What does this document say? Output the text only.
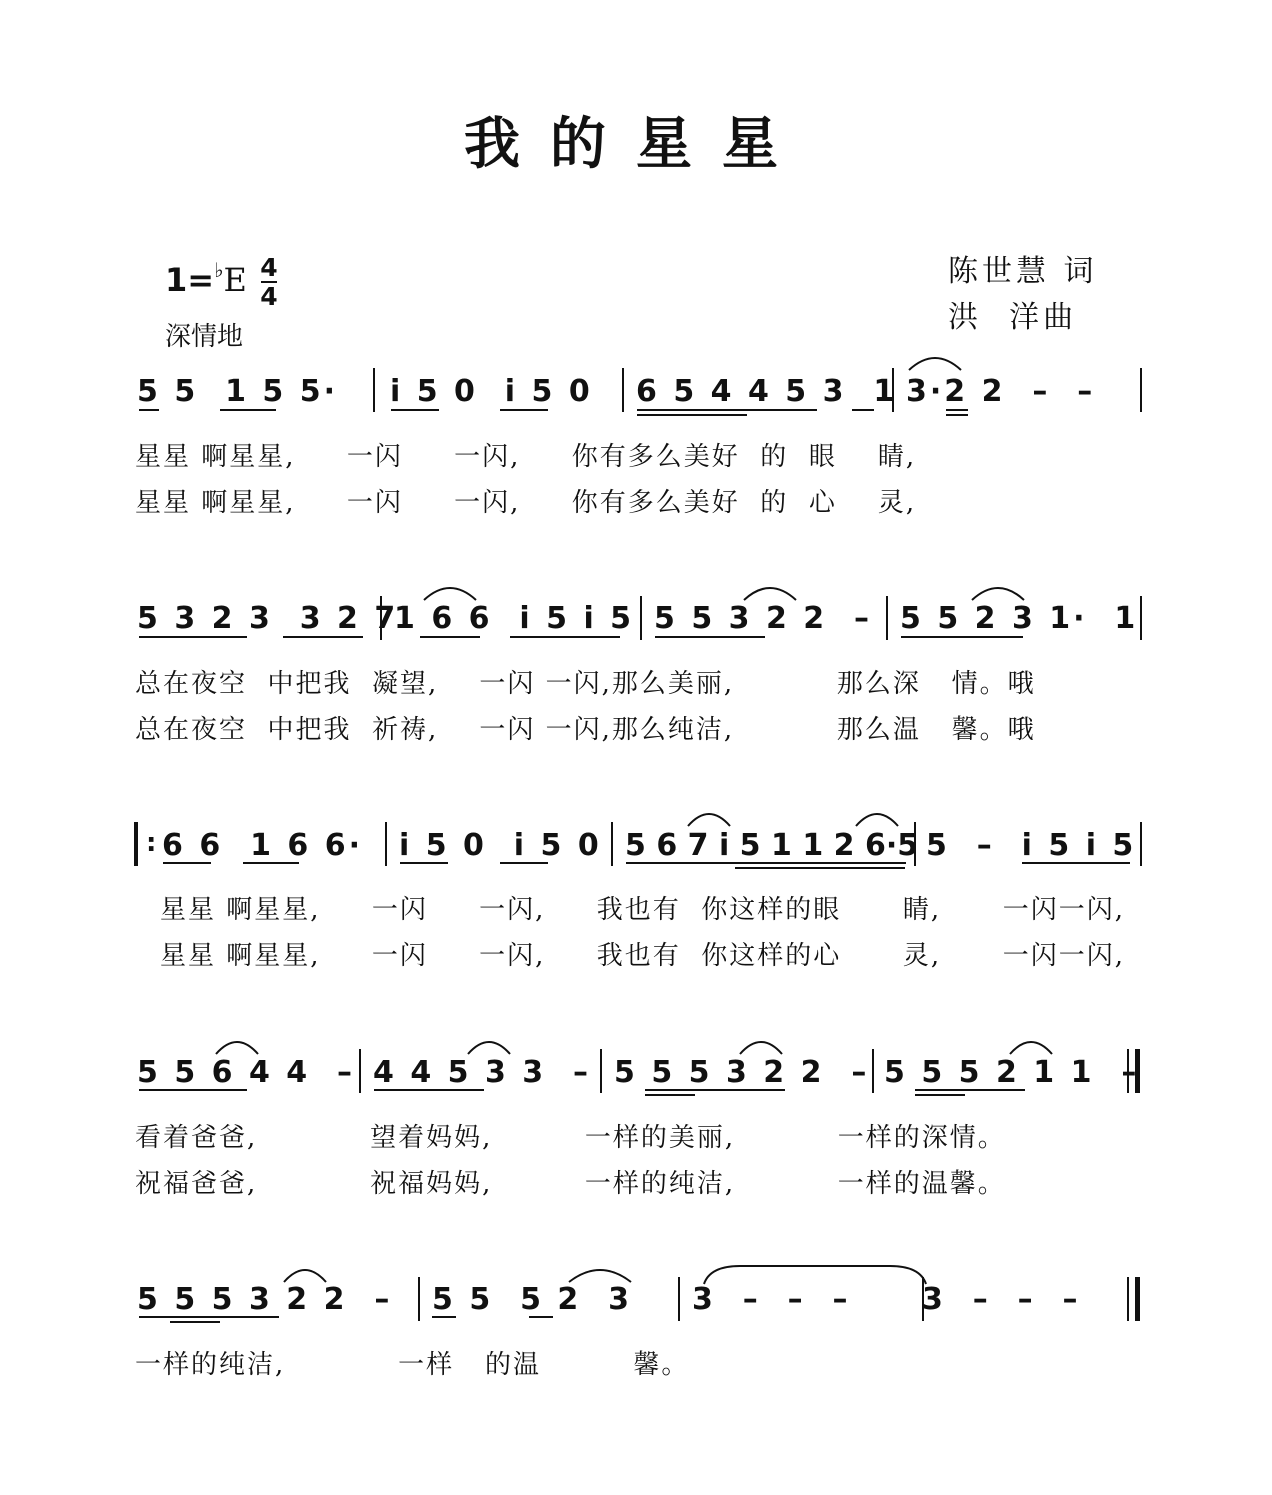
我的星星
1=♭E 4
4
深情地
陈世慧 词
洪  洋曲
5 5  1 5 5· i 5 0  i 5 0 6 5 4 4 5 3  1 3·2 2  –  –
星星 啊星星,     一闪     一闪,     你有多么美好  的  眼    睛,
星星 啊星星,     一闪     一闪,     你有多么美好  的  心    灵,
5 3 2 3  3 2 7
1 6 6  i 5 i 5 5 5 3 2 2  – 5 5 2 3 1·  1
总在夜空  中把我  凝望,    一闪 一闪,那么美丽,          那么深   情。哦
总在夜空  中把我  祈祷,    一闪 一闪,那么纯洁,          那么温   馨。哦
: 6 6  1 6 6· i 5 0  i 5 0 5 6 7 i 5 1 1 2 6·5 5  –  i 5 i 5
星星 啊星星,     一闪     一闪,     我也有  你这样的眼      睛,      一闪一闪,
星星 啊星星,     一闪     一闪,     我也有  你这样的心      灵,      一闪一闪,
5 5 6 4 4  – 4 4 5 3 3  – 5 5 5 3 2 2  – 5 5 5 2 1 1  –
看着爸爸,           望着妈妈,         一样的美丽,          一样的深情。
祝福爸爸,           祝福妈妈,         一样的纯洁,          一样的温馨。
5 5 5 3 2 2  – 5 5  5 2  3 3  –  –  – 3  –  –  –
一样的纯洁,           一样   的温         馨。
